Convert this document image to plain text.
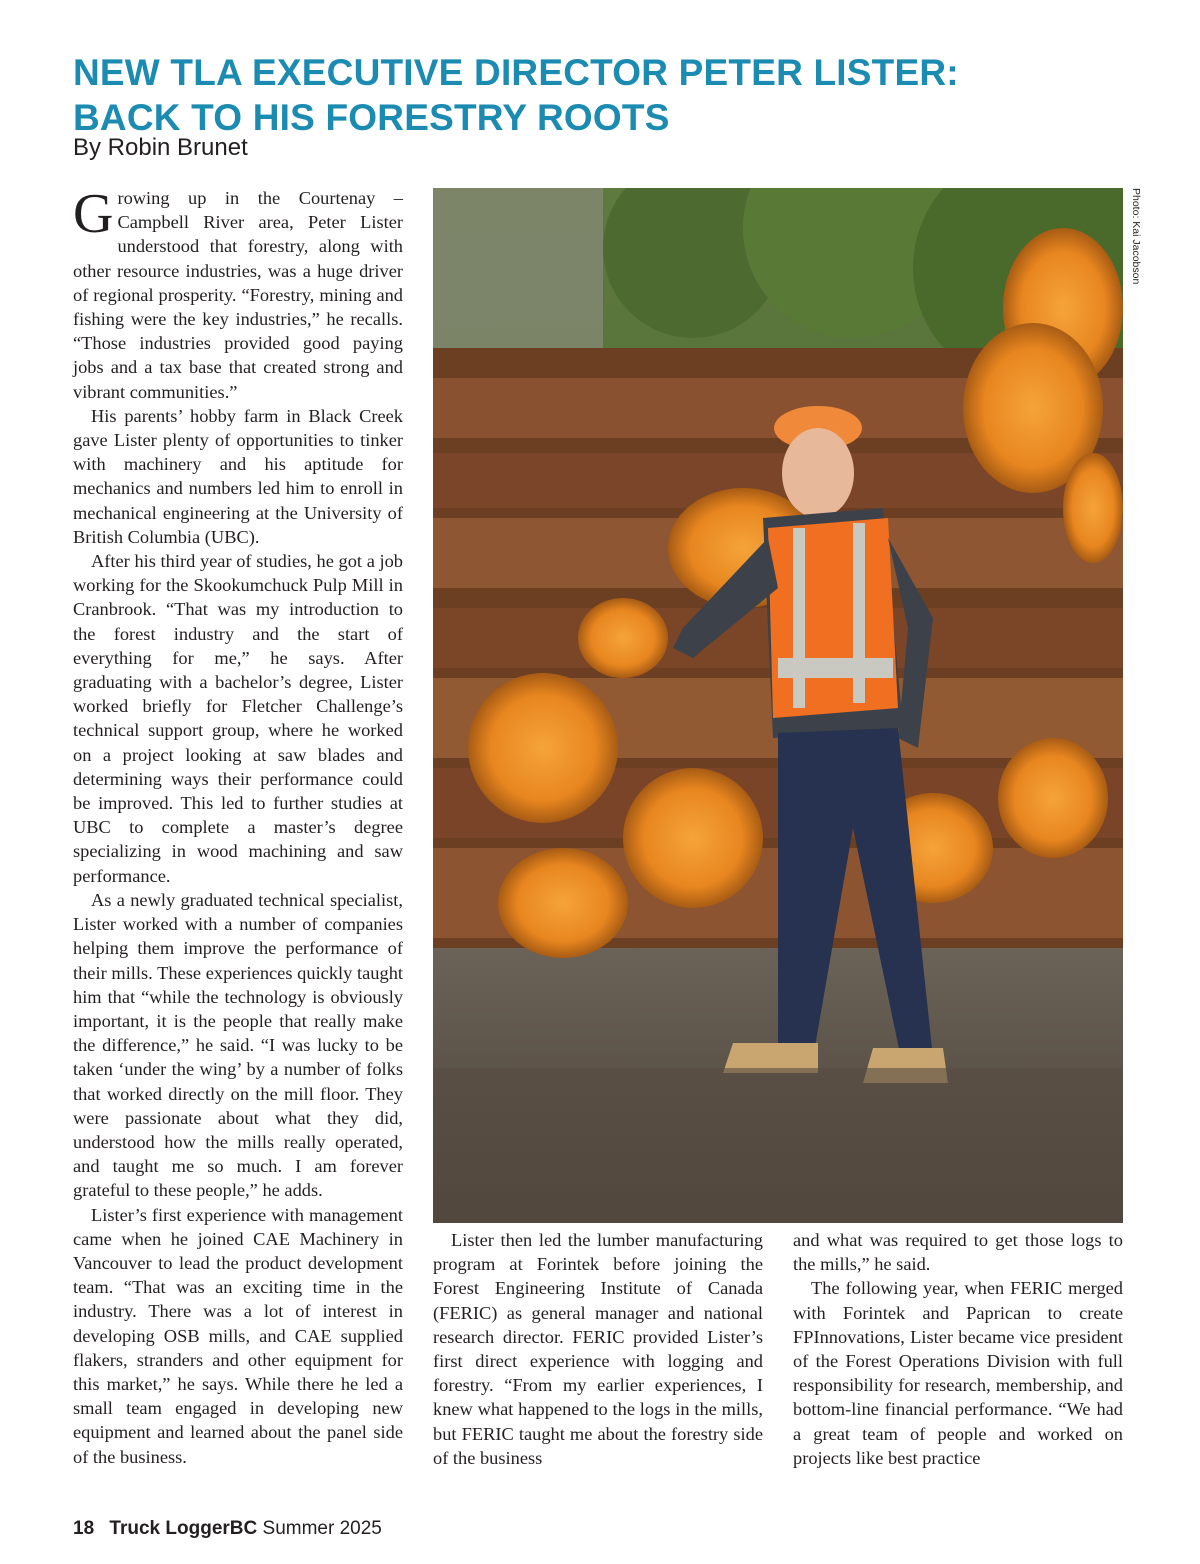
NEW TLA EXECUTIVE DIRECTOR PETER LISTER:
BACK TO HIS FORESTRY ROOTS
By Robin Brunet

Growing up in the Courtenay – Campbell River area, Peter Lister understood that forestry, along with other resource industries, was a huge driver of regional prosperity. “Forestry, mining and fishing were the key industries,” he recalls. “Those industries provided good paying jobs and a tax base that created strong and vibrant communities.”

His parents’ hobby farm in Black Creek gave Lister plenty of opportunities to tinker with machinery and his aptitude for mechanics and numbers led him to enroll in mechanical engineering at the University of British Columbia (UBC).

After his third year of studies, he got a job working for the Skookumchuck Pulp Mill in Cranbrook. “That was my introduction to the forest industry and the start of everything for me,” he says. After graduating with a bachelor’s degree, Lister worked briefly for Fletcher Challenge’s technical support group, where he worked on a project looking at saw blades and determining ways their performance could be improved. This led to further studies at UBC to complete a master’s degree specializing in wood machining and saw performance.

As a newly graduated technical specialist, Lister worked with a number of companies helping them improve the performance of their mills. These experiences quickly taught him that “while the technology is obviously important, it is the people that really make the difference,” he said. “I was lucky to be taken ‘under the wing’ by a number of folks that worked directly on the mill floor. They were passionate about what they did, understood how the mills really operated, and taught me so much. I am forever grateful to these people,” he adds.

Lister’s first experience with management came when he joined CAE Machinery in Vancouver to lead the product development team. “That was an exciting time in the industry. There was a lot of interest in developing OSB mills, and CAE supplied flakers, stranders and other equipment for this market,” he says. While there he led a small team engaged in developing new equipment and learned about the panel side of the business.

Photo: Kai Jacobson

Lister then led the lumber manufacturing program at Forintek before joining the Forest Engineering Institute of Canada (FERIC) as general manager and national research director. FERIC provided Lister’s first direct experience with logging and forestry. “From my earlier experiences, I knew what happened to the logs in the mills, but FERIC taught me about the forestry side of the business

and what was required to get those logs to the mills,” he said.

The following year, when FERIC merged with Forintek and Paprican to create FPInnovations, Lister became vice president of the Forest Operations Division with full responsibility for research, membership, and bottom-line financial performance. “We had a great team of people and worked on projects like best practice

18 Truck LoggerBC Summer 2025
